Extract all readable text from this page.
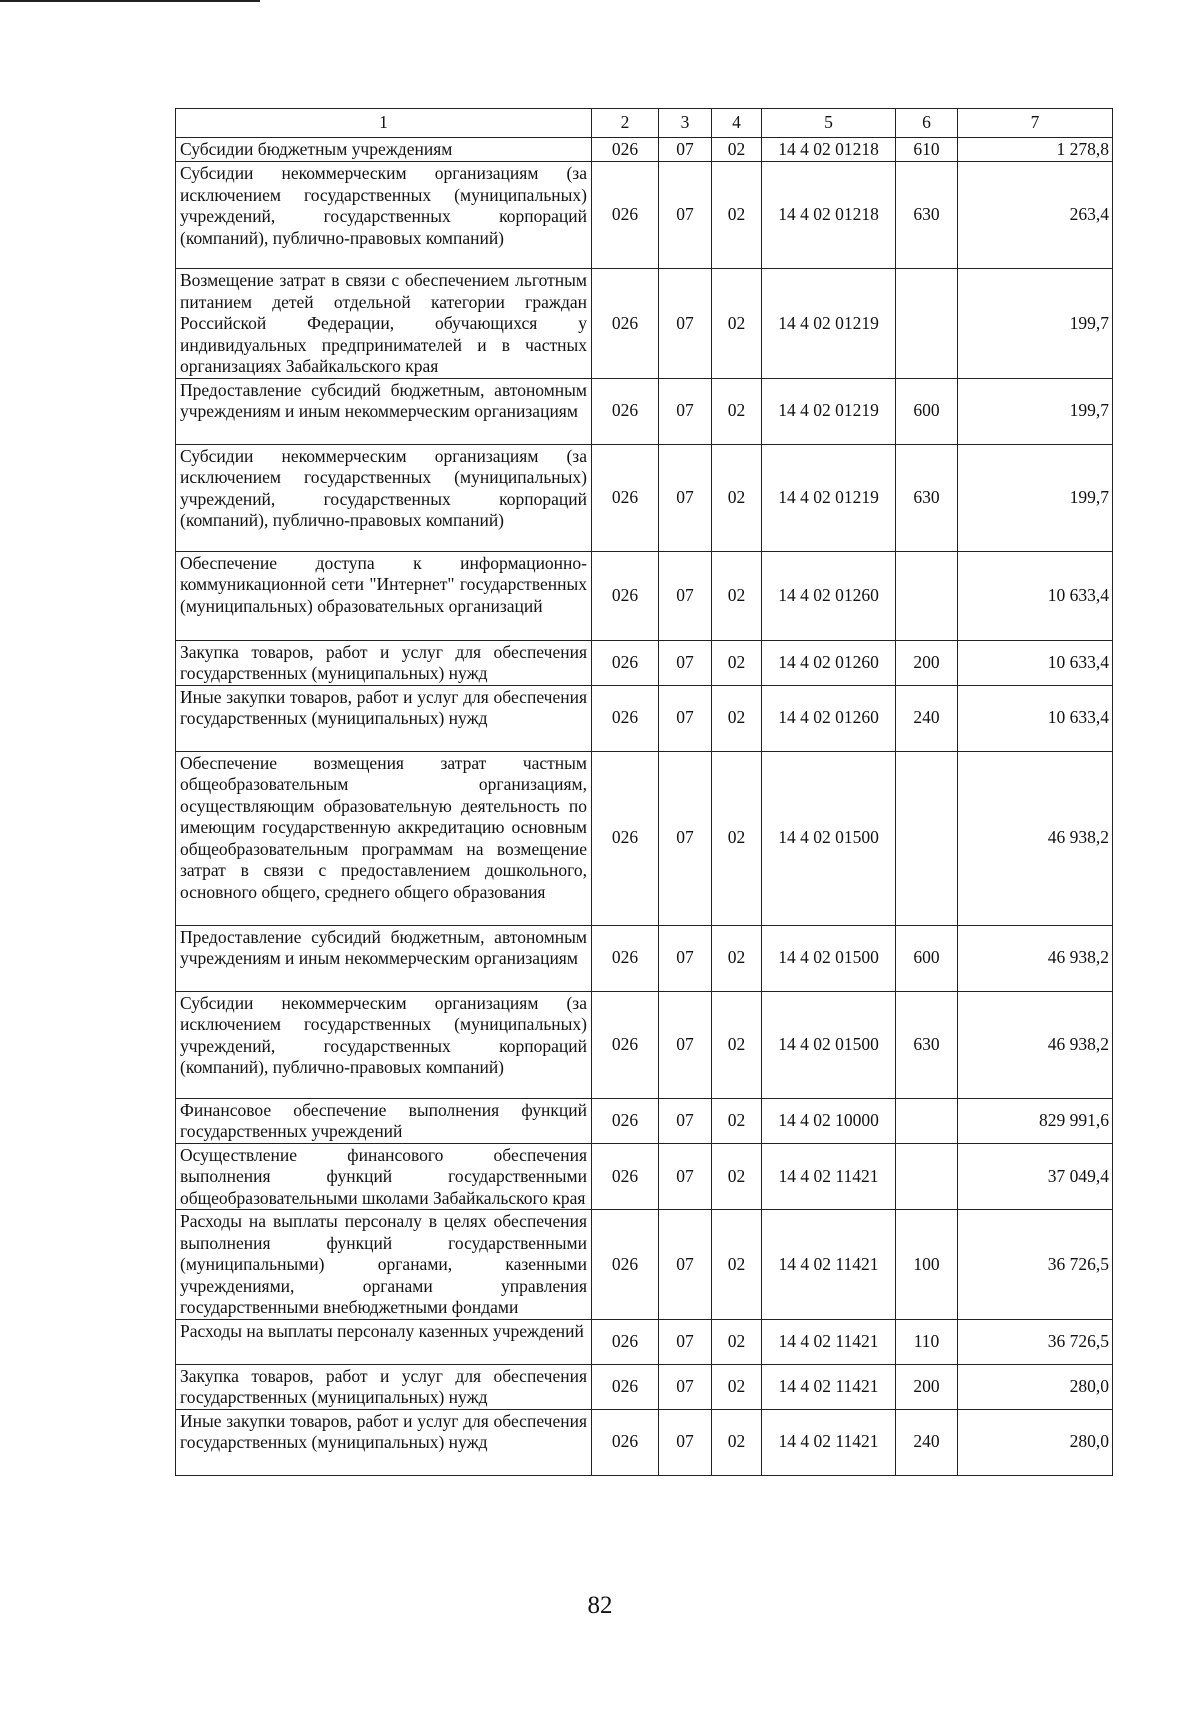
1	2	3	4	5	6	7
Субсидии бюджетным учреждениям	026	07	02	14 4 02 01218	610	1 278,8
Субсидии некоммерческим организациям (за исключением государственных (муниципальных) учреждений, государственных корпораций (компаний), публично-правовых компаний)	026	07	02	14 4 02 01218	630	263,4
Возмещение затрат в связи с обеспечением льготным питанием детей отдельной категории граждан Российской Федерации, обучающихся у индивидуальных предпринимателей и в частных организациях Забайкальского края	026	07	02	14 4 02 01219		199,7
Предоставление субсидий бюджетным, автономным учреждениям и иным некоммерческим организациям	026	07	02	14 4 02 01219	600	199,7
Субсидии некоммерческим организациям (за исключением государственных (муниципальных) учреждений, государственных корпораций (компаний), публично-правовых компаний)	026	07	02	14 4 02 01219	630	199,7
Обеспечение доступа к информационно-коммуникационной сети "Интернет" государственных (муниципальных) образовательных организаций	026	07	02	14 4 02 01260		10 633,4
Закупка товаров, работ и услуг для обеспечения государственных (муниципальных) нужд	026	07	02	14 4 02 01260	200	10 633,4
Иные закупки товаров, работ и услуг для обеспечения государственных (муниципальных) нужд	026	07	02	14 4 02 01260	240	10 633,4
Обеспечение возмещения затрат частным общеобразовательным организациям, осуществляющим образовательную деятельность по имеющим государственную аккредитацию основным общеобразовательным программам на возмещение затрат в связи с предоставлением дошкольного, основного общего, среднего общего образования	026	07	02	14 4 02 01500		46 938,2
Предоставление субсидий бюджетным, автономным учреждениям и иным некоммерческим организациям	026	07	02	14 4 02 01500	600	46 938,2
Субсидии некоммерческим организациям (за исключением государственных (муниципальных) учреждений, государственных корпораций (компаний), публично-правовых компаний)	026	07	02	14 4 02 01500	630	46 938,2
Финансовое обеспечение выполнения функций государственных учреждений	026	07	02	14 4 02 10000		829 991,6
Осуществление финансового обеспечения выполнения функций государственными общеобразовательными школами Забайкальского края	026	07	02	14 4 02 11421		37 049,4
Расходы на выплаты персоналу в целях обеспечения выполнения функций государственными (муниципальными) органами, казенными учреждениями, органами управления государственными внебюджетными фондами	026	07	02	14 4 02 11421	100	36 726,5
Расходы на выплаты персоналу казенных учреждений	026	07	02	14 4 02 11421	110	36 726,5
Закупка товаров, работ и услуг для обеспечения государственных (муниципальных) нужд	026	07	02	14 4 02 11421	200	280,0
Иные закупки товаров, работ и услуг для обеспечения государственных (муниципальных) нужд	026	07	02	14 4 02 11421	240	280,0
82
